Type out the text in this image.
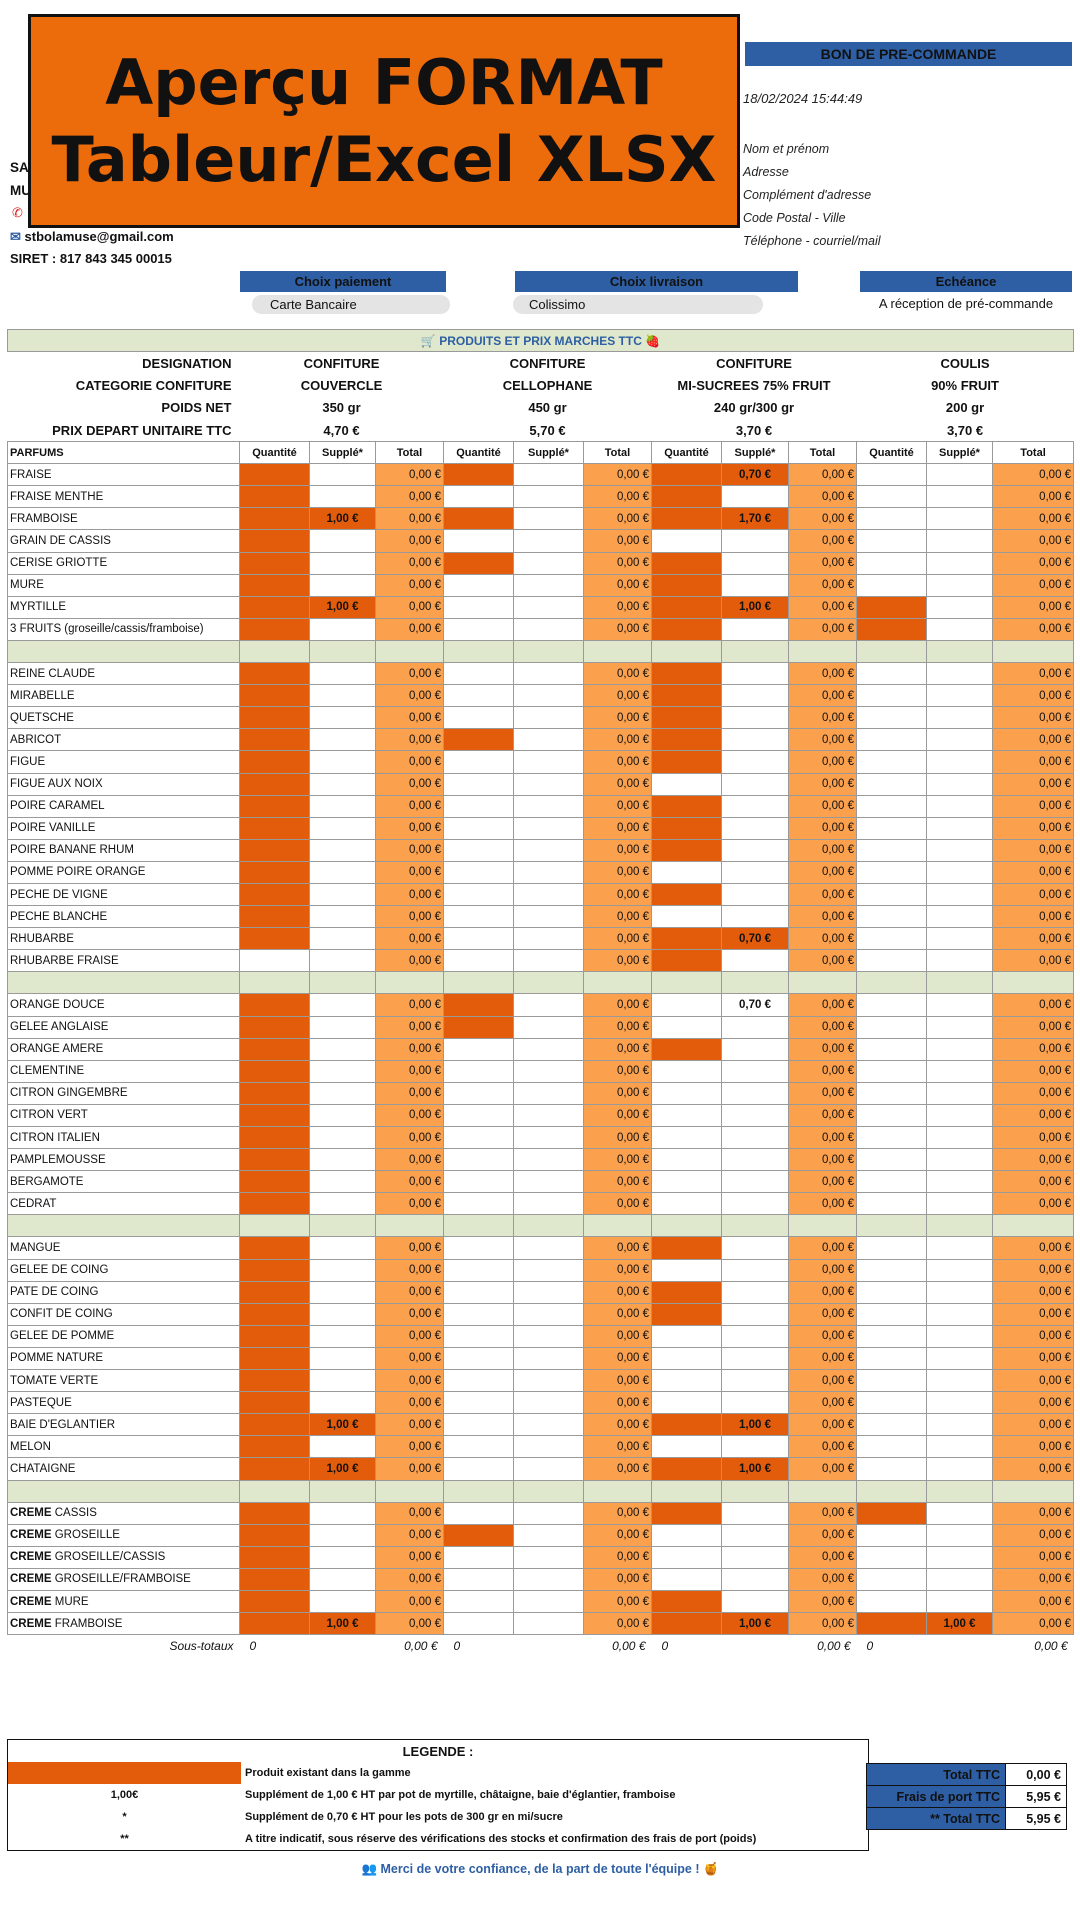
Aperçu FORMAT
Tableur/Excel XLSX
BON DE PRE-COMMANDE
18/02/2024 15:44:49
Nom et prénom
Adresse
Complément d'adresse
Code Postal - Ville
Téléphone - courriel/mail
SA
MU
✆
✉ stbolamuse@gmail.com
SIRET : 817 843 345 00015
Choix paiement
Carte Bancaire
Choix livraison
Colissimo
Echéance
A réception de pré-commande
🛒 PRODUITS ET PRIX MARCHES TTC 🍓												
DESIGNATION	CONFITURE			CONFITURE			CONFITURE			COULIS		
CATEGORIE CONFITURE	COUVERCLE			CELLOPHANE			MI-SUCREES 75% FRUIT			90% FRUIT		
POIDS NET	350 gr			450 gr			240 gr/300 gr			200 gr		
PRIX DEPART UNITAIRE TTC	4,70 €			5,70 €			3,70 €			3,70 €		
PARFUMS	Quantité	Supplé*	Total	Quantité	Supplé*	Total	Quantité	Supplé*	Total	Quantité	Supplé*	Total
FRAISE			0,00 €			0,00 €		0,70 €	0,00 €			0,00 €
FRAISE MENTHE			0,00 €			0,00 €			0,00 €			0,00 €
FRAMBOISE		1,00 €	0,00 €			0,00 €		1,70 €	0,00 €			0,00 €
GRAIN DE CASSIS			0,00 €			0,00 €			0,00 €			0,00 €
CERISE GRIOTTE			0,00 €			0,00 €			0,00 €			0,00 €
MURE			0,00 €			0,00 €			0,00 €			0,00 €
MYRTILLE		1,00 €	0,00 €			0,00 €		1,00 €	0,00 €			0,00 €
3 FRUITS (groseille/cassis/framboise)			0,00 €			0,00 €			0,00 €			0,00 €

REINE CLAUDE			0,00 €			0,00 €			0,00 €			0,00 €
MIRABELLE			0,00 €			0,00 €			0,00 €			0,00 €
QUETSCHE			0,00 €			0,00 €			0,00 €			0,00 €
ABRICOT			0,00 €			0,00 €			0,00 €			0,00 €
FIGUE			0,00 €			0,00 €			0,00 €			0,00 €
FIGUE AUX NOIX			0,00 €			0,00 €			0,00 €			0,00 €
POIRE CARAMEL			0,00 €			0,00 €			0,00 €			0,00 €
POIRE VANILLE			0,00 €			0,00 €			0,00 €			0,00 €
POIRE BANANE RHUM			0,00 €			0,00 €			0,00 €			0,00 €
POMME POIRE ORANGE			0,00 €			0,00 €			0,00 €			0,00 €
PECHE DE VIGNE			0,00 €			0,00 €			0,00 €			0,00 €
PECHE BLANCHE			0,00 €			0,00 €			0,00 €			0,00 €
RHUBARBE			0,00 €			0,00 €		0,70 €	0,00 €			0,00 €
RHUBARBE FRAISE			0,00 €			0,00 €			0,00 €			0,00 €

ORANGE DOUCE			0,00 €			0,00 €		0,70 €	0,00 €			0,00 €
GELEE ANGLAISE			0,00 €			0,00 €			0,00 €			0,00 €
ORANGE AMERE			0,00 €			0,00 €			0,00 €			0,00 €
CLEMENTINE			0,00 €			0,00 €			0,00 €			0,00 €
CITRON GINGEMBRE			0,00 €			0,00 €			0,00 €			0,00 €
CITRON VERT			0,00 €			0,00 €			0,00 €			0,00 €
CITRON ITALIEN			0,00 €			0,00 €			0,00 €			0,00 €
PAMPLEMOUSSE			0,00 €			0,00 €			0,00 €			0,00 €
BERGAMOTE			0,00 €			0,00 €			0,00 €			0,00 €
CEDRAT			0,00 €			0,00 €			0,00 €			0,00 €

MANGUE			0,00 €			0,00 €			0,00 €			0,00 €
GELEE DE COING			0,00 €			0,00 €			0,00 €			0,00 €
PATE DE COING			0,00 €			0,00 €			0,00 €			0,00 €
CONFIT DE COING			0,00 €			0,00 €			0,00 €			0,00 €
GELEE DE POMME			0,00 €			0,00 €			0,00 €			0,00 €
POMME NATURE			0,00 €			0,00 €			0,00 €			0,00 €
TOMATE VERTE			0,00 €			0,00 €			0,00 €			0,00 €
PASTEQUE			0,00 €			0,00 €			0,00 €			0,00 €
BAIE D'EGLANTIER		1,00 €	0,00 €			0,00 €		1,00 €	0,00 €			0,00 €
MELON			0,00 €			0,00 €			0,00 €			0,00 €
CHATAIGNE		1,00 €	0,00 €			0,00 €		1,00 €	0,00 €			0,00 €

CREME CASSIS			0,00 €			0,00 €			0,00 €			0,00 €
CREME GROSEILLE			0,00 €			0,00 €			0,00 €			0,00 €
CREME GROSEILLE/CASSIS			0,00 €			0,00 €			0,00 €			0,00 €
CREME GROSEILLE/FRAMBOISE			0,00 €			0,00 €			0,00 €			0,00 €
CREME MURE			0,00 €			0,00 €			0,00 €			0,00 €
CREME FRAMBOISE		1,00 €	0,00 €			0,00 €		1,00 €	0,00 €		1,00 €	0,00 €
Sous-totaux	0		0,00 €	0		0,00 €	0		0,00 €	0		0,00 €
LEGENDE :	
	Produit existant dans la gamme
1,00€	Supplément de 1,00 € HT par pot de myrtille, châtaigne, baie d'églantier, framboise
*	Supplément de 0,70 € HT pour les pots de 300 gr en mi/sucre
**	A titre indicatif, sous réserve des vérifications des stocks et confirmation des frais de port (poids)
Total TTC	0,00 €
Frais de port TTC	5,95 €
** Total TTC	5,95 €
👥 Merci de votre confiance, de la part de toute l'équipe ! 🍯
